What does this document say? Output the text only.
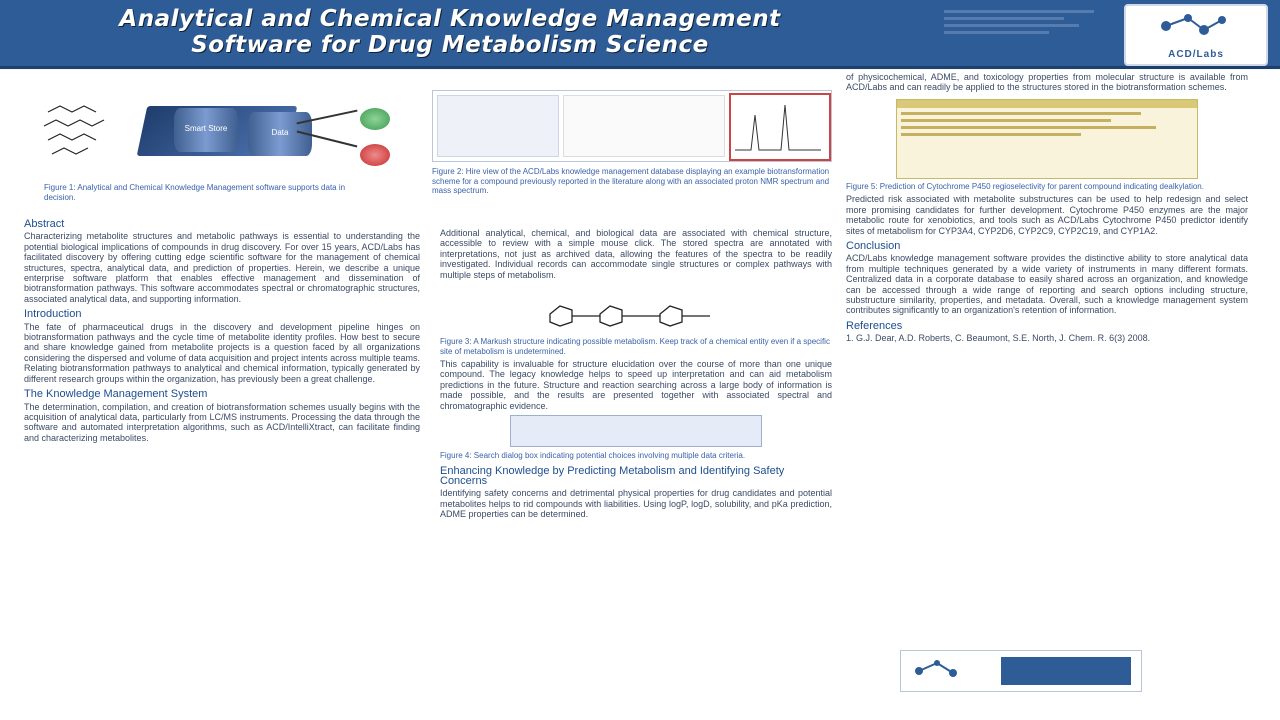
Analytical and Chemical Knowledge Management
Software for Drug Metabolism Science	ACD/Labs
Smart Store	Data
Figure 1: Analytical and Chemical Knowledge Management software supports data in decision.
Abstract

Characterizing metabolite structures and metabolic pathways is essential to understanding the potential biological implications of compounds in drug discovery. For over 15 years, ACD/Labs has facilitated discovery by offering cutting edge scientific software for the management of chemical structures, spectra, analytical data, and prediction of properties. Herein, we describe a unique enterprise software platform that enables effective management and dissemination of biotransformation pathways. This software accommodates spectral or chromatographic structures, associated analytical data, and supporting information.

Introduction

The fate of pharmaceutical drugs in the discovery and development pipeline hinges on biotransformation pathways and the cycle time of metabolite identity profiles. How best to secure and share knowledge gained from metabolite projects is a question faced by all organizations considering the dispersed and volume of data acquisition and project intents across multiple teams. Relating biotransformation pathways to analytical and chemical information, typically generated by different research groups within the organization, has previously been a great challenge.

The Knowledge Management System

The determination, compilation, and creation of biotransformation schemes usually begins with the acquisition of analytical data, particularly from LC/MS instruments. Processing the data through the software and automated interpretation algorithms, such as ACD/IntelliXtract, can facilitate finding and characterizing metabolites.

Figure 2: Hire view of the ACD/Labs knowledge management database displaying an example biotransformation scheme for a compound previously reported in the literature along with an associated proton NMR spectrum and mass spectrum.

Additional analytical, chemical, and biological data are associated with chemical structure, accessible to review with a simple mouse click. The stored spectra are annotated with interpretations, not just as archived data, allowing the features of the spectra to be readily investigated. Individual records can accommodate single structures or complex pathways with multiple steps of metabolism.

Figure 3: A Markush structure indicating possible metabolism. Keep track of a chemical entity even if a specific site of metabolism is undetermined.

This capability is invaluable for structure elucidation over the course of more than one unique compound. The legacy knowledge helps to speed up interpretation and can aid metabolism predictions in the future. Structure and reaction searching across a large body of information is made possible, and the results are presented together with associated spectral and chromatographic evidence.

Figure 4: Search dialog box indicating potential choices involving multiple data criteria.
Enhancing Knowledge by Predicting Metabolism and Identifying Safety Concerns

Identifying safety concerns and detrimental physical properties for drug candidates and potential metabolites helps to rid compounds with liabilities. Using logP, logD, solubility, and pKa prediction, ADME properties can be determined.

of physicochemical, ADME, and toxicology properties from molecular structure is available from ACD/Labs and can readily be applied to the structures stored in the biotransformation schemes.

Figure 5: Prediction of Cytochrome P450 regioselectivity for parent compound indicating dealkylation.

Predicted risk associated with metabolite substructures can be used to help redesign and select more promising candidates for further development. Cytochrome P450 enzymes are the major metabolic route for xenobiotics, and tools such as ACD/Labs Cytochrome P450 predictor identify sites of metabolism for CYP3A4, CYP2D6, CYP2C9, CYP2C19, and CYP1A2.

Conclusion

ACD/Labs knowledge management software provides the distinctive ability to store analytical data from multiple techniques generated by a wide variety of instruments in many different formats. Centralized data in a corporate database to easily shared across an organization, and knowledge can be accessed through a wide range of reporting and search options including structure, substructure similarity, properties, and metadata. Overall, such a knowledge management system contributes significantly to an organization's retention of information.

References

1. G.J. Dear, A.D. Roberts, C. Beaumont, S.E. North, J. Chem. R. 6(3) 2008.
